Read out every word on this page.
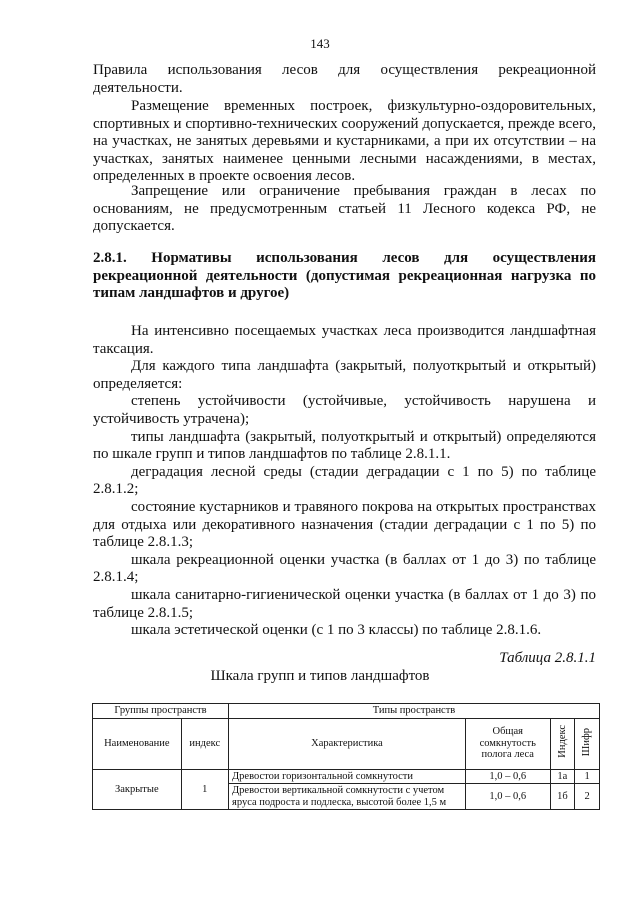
143

Правила использования лесов для осуществления рекреационной деятельности.

Размещение временных построек, физкультурно-оздоровительных, спортивных и спортивно-технических сооружений допускается, прежде всего, на участках, не занятых деревьями и кустарниками, а при их отсутствии – на участках, занятых наименее ценными лесными насаждениями, в местах, определенных в проекте освоения лесов.

Запрещение или ограничение пребывания граждан в лесах по основаниям, не предусмотренным статьей 11 Лесного кодекса РФ, не допускается.

2.8.1. Нормативы использования лесов для осуществления рекреационной деятельности (допустимая рекреационная нагрузка по типам ландшафтов и другое)

На интенсивно посещаемых участках леса производится ландшафтная таксация.

Для каждого типа ландшафта (закрытый, полуоткрытый и открытый) определяется:

степень устойчивости (устойчивые, устойчивость нарушена и устойчивость утрачена);

типы ландшафта (закрытый, полуоткрытый и открытый) определяются по шкале групп и типов ландшафтов по таблице 2.8.1.1.

деградация лесной среды (стадии деградации с 1 по 5) по таблице 2.8.1.2;

состояние кустарников и травяного покрова на открытых пространствах для отдыха или декоративного назначения (стадии деградации с 1 по 5) по таблице 2.8.1.3;

шкала рекреационной оценки участка (в баллах от 1 до 3) по таблице 2.8.1.4;

шкала санитарно-гигиенической оценки участка (в баллах от 1 до 3) по таблице 2.8.1.5;

шкала эстетической оценки (с 1 по 3 классы) по таблице 2.8.1.6.

Таблица 2.8.1.1
Шкала групп и типов ландшафтов
Группы пространств		Типы пространств			
Наименование	индекс	Характеристика	Общая сомкнутость полога леса	Индекс	Шифр
Закрытые	1	Древостои горизонтальной сомкнутости	1,0 – 0,6	1а	1
		Древостои вертикальной сомкнутости с учетом яруса подроста и подлеска, высотой более 1,5 м	1,0 – 0,6	1б	2
